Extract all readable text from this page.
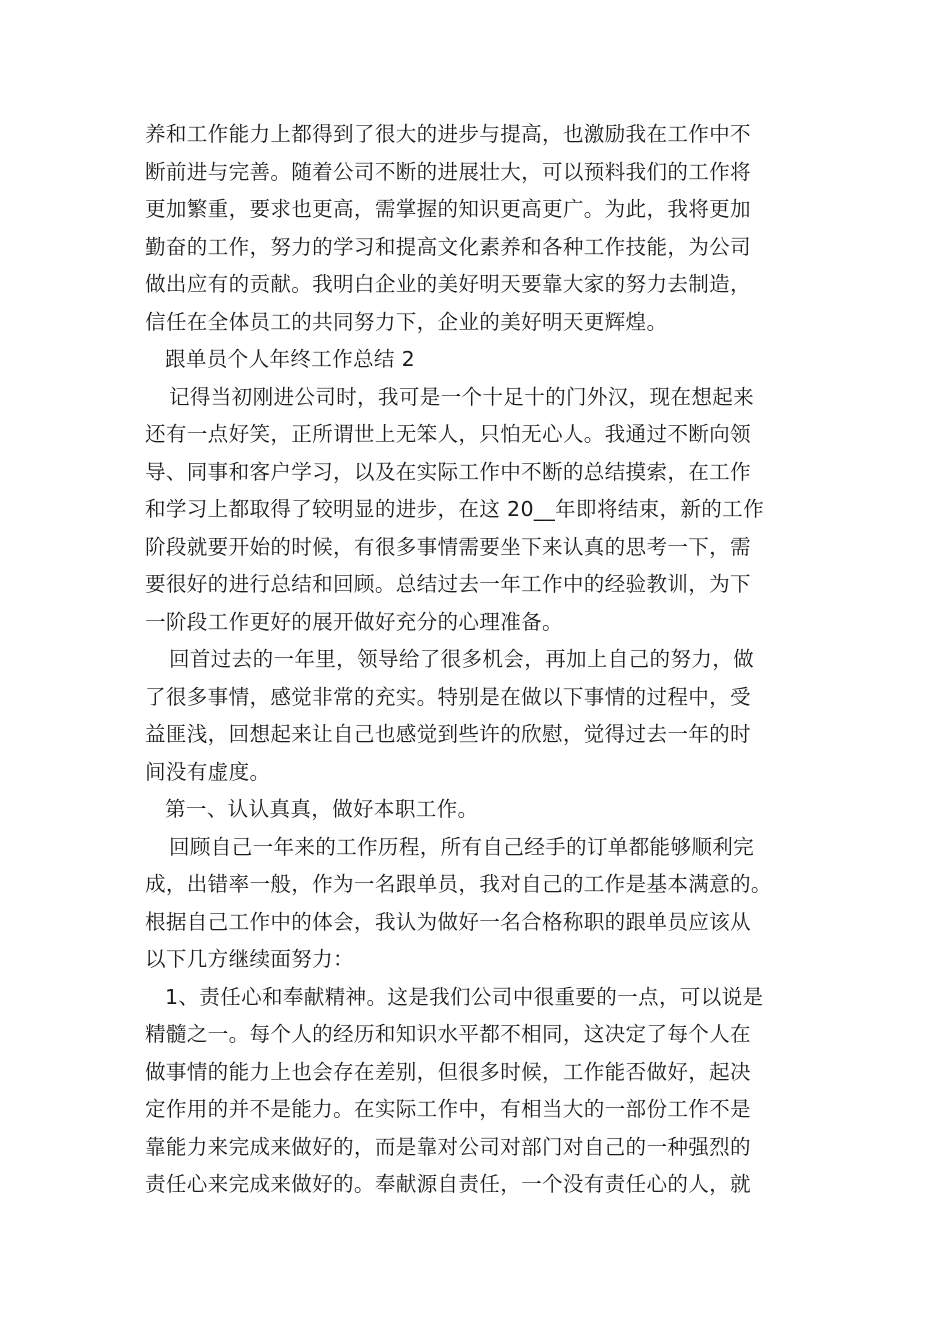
养和工作能力上都得到了很大的进步与提高，也激励我在工作中不
断前进与完善。随着公司不断的进展壮大，可以预料我们的工作将
更加繁重，要求也更高，需掌握的知识更高更广。为此，我将更加
勤奋的工作，努力的学习和提高文化素养和各种工作技能，为公司
做出应有的贡献。我明白企业的美好明天要靠大家的努力去制造，
信任在全体员工的共同努力下，企业的美好明天更辉煌。
跟单员个人年终工作总结 2
记得当初刚进公司时，我可是一个十足十的门外汉，现在想起来
还有一点好笑，正所谓世上无笨人，只怕无心人。我通过不断向领
导、同事和客户学习，以及在实际工作中不断的总结摸索，在工作
和学习上都取得了较明显的进步，在这 20__年即将结束，新的工作
阶段就要开始的时候，有很多事情需要坐下来认真的思考一下，需
要很好的进行总结和回顾。总结过去一年工作中的经验教训，为下
一阶段工作更好的展开做好充分的心理准备。
回首过去的一年里，领导给了很多机会，再加上自己的努力，做
了很多事情，感觉非常的充实。特别是在做以下事情的过程中，受
益匪浅，回想起来让自己也感觉到些许的欣慰，觉得过去一年的时
间没有虚度。
第一、认认真真，做好本职工作。
回顾自己一年来的工作历程，所有自己经手的订单都能够顺利完
成，出错率一般，作为一名跟单员，我对自己的工作是基本满意的。
根据自己工作中的体会，我认为做好一名合格称职的跟单员应该从
以下几方继续面努力：
1、责任心和奉献精神。这是我们公司中很重要的一点，可以说是
精髓之一。每个人的经历和知识水平都不相同，这决定了每个人在
做事情的能力上也会存在差别，但很多时候，工作能否做好，起决
定作用的并不是能力。在实际工作中，有相当大的一部份工作不是
靠能力来完成来做好的，而是靠对公司对部门对自己的一种强烈的
责任心来完成来做好的。奉献源自责任，一个没有责任心的人，就
